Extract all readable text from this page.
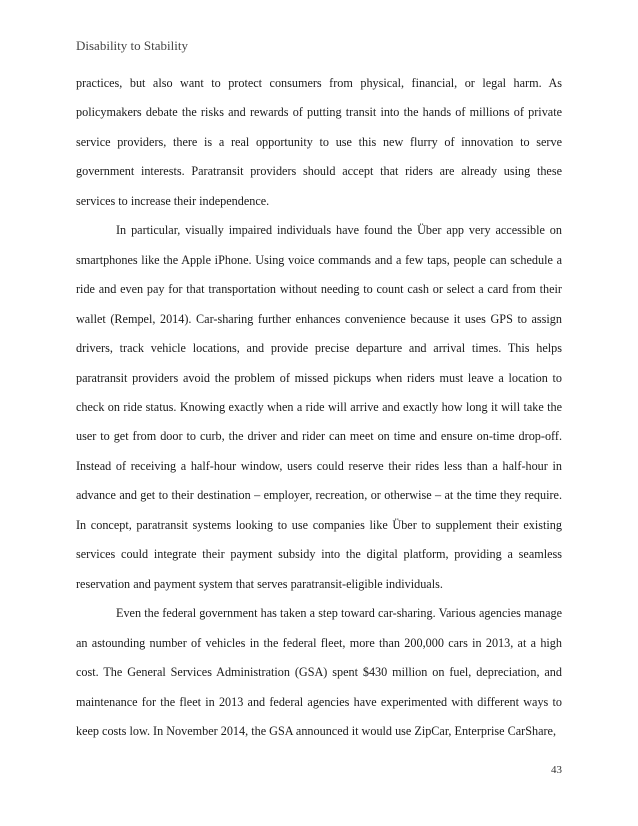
Disability to Stability

practices, but also want to protect consumers from physical, financial, or legal harm. As policymakers debate the risks and rewards of putting transit into the hands of millions of private service providers, there is a real opportunity to use this new flurry of innovation to serve government interests. Paratransit providers should accept that riders are already using these services to increase their independence.

In particular, visually impaired individuals have found the Über app very accessible on smartphones like the Apple iPhone. Using voice commands and a few taps, people can schedule a ride and even pay for that transportation without needing to count cash or select a card from their wallet (Rempel, 2014). Car-sharing further enhances convenience because it uses GPS to assign drivers, track vehicle locations, and provide precise departure and arrival times. This helps paratransit providers avoid the problem of missed pickups when riders must leave a location to check on ride status. Knowing exactly when a ride will arrive and exactly how long it will take the user to get from door to curb, the driver and rider can meet on time and ensure on-time drop-off. Instead of receiving a half-hour window, users could reserve their rides less than a half-hour in advance and get to their destination – employer, recreation, or otherwise – at the time they require. In concept, paratransit systems looking to use companies like Über to supplement their existing services could integrate their payment subsidy into the digital platform, providing a seamless reservation and payment system that serves paratransit-eligible individuals.

Even the federal government has taken a step toward car-sharing. Various agencies manage an astounding number of vehicles in the federal fleet, more than 200,000 cars in 2013, at a high cost. The General Services Administration (GSA) spent $430 million on fuel, depreciation, and maintenance for the fleet in 2013 and federal agencies have experimented with different ways to keep costs low. In November 2014, the GSA announced it would use ZipCar, Enterprise CarShare,

43
